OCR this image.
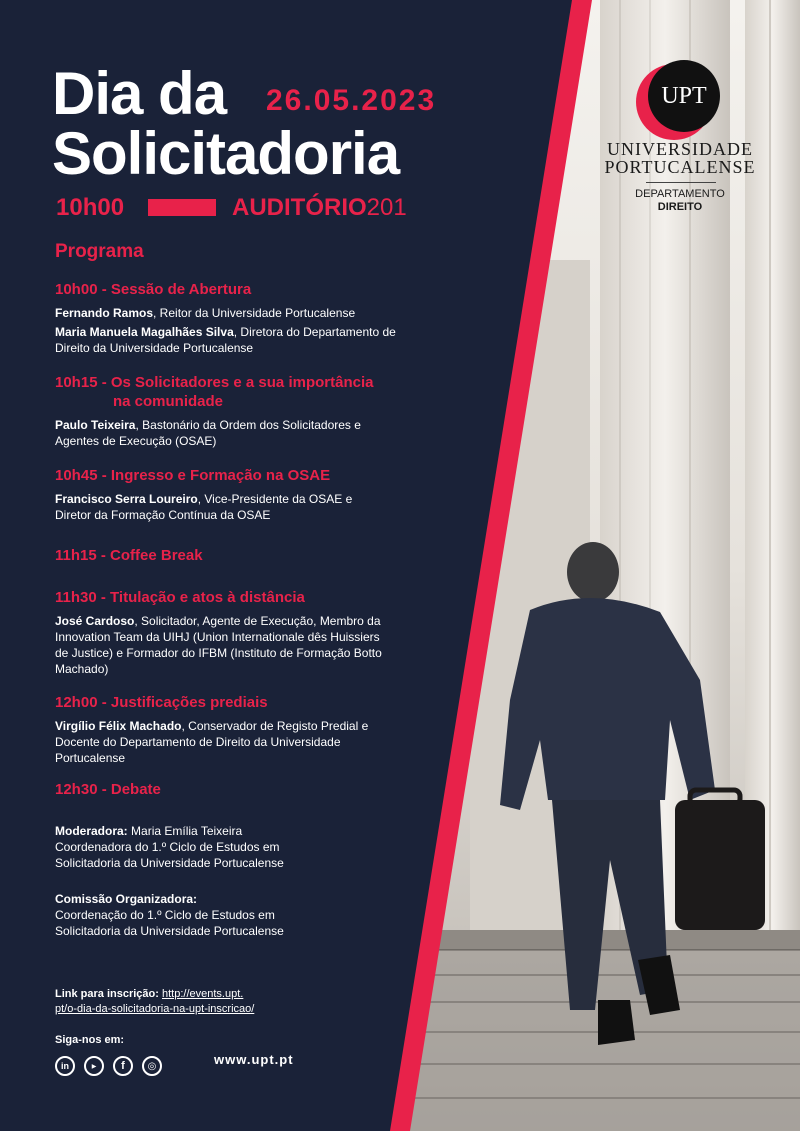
Dia da
Solicitadoria
26.05.2023
10h00	AUDITÓRIO201
Programa
10h00 - Sessão de Abertura
Fernando Ramos, Reitor da Universidade Portucalense
Maria Manuela Magalhães Silva, Diretora do Departamento de Direito da Universidade Portucalense
10h15 - Os Solicitadores e a sua importância
na comunidade
Paulo Teixeira, Bastonário da Ordem dos Solicitadores e Agentes de Execução (OSAE)
10h45 - Ingresso e Formação na OSAE
Francisco Serra Loureiro, Vice-Presidente da OSAE e Diretor da Formação Contínua da OSAE
11h15 - Coffee Break
11h30 - Titulação e atos à distância
José Cardoso, Solicitador, Agente de Execução, Membro da Innovation Team da UIHJ (Union Internationale dês Huissiers de Justice) e Formador do IFBM (Instituto de Formação Botto Machado)
12h00 - Justificações prediais
Virgílio Félix Machado, Conservador de Registo Predial e Docente do Departamento de Direito da Universidade Portucalense
12h30 - Debate
Moderadora: Maria Emília Teixeira
Coordenadora do 1.º Ciclo de Estudos em Solicitadoria da Universidade Portucalense
Comissão Organizadora:
Coordenação do 1.º Ciclo de Estudos em Solicitadoria da Universidade Portucalense
Link para inscrição: http://events.upt.
pt/o-dia-da-solicitadoria-na-upt-inscricao/
Siga-nos em:
in	▶	f	◎	www.upt.pt
UPT
UNIVERSIDADE
PORTUCALENSE
DEPARTAMENTO
DIREITO
